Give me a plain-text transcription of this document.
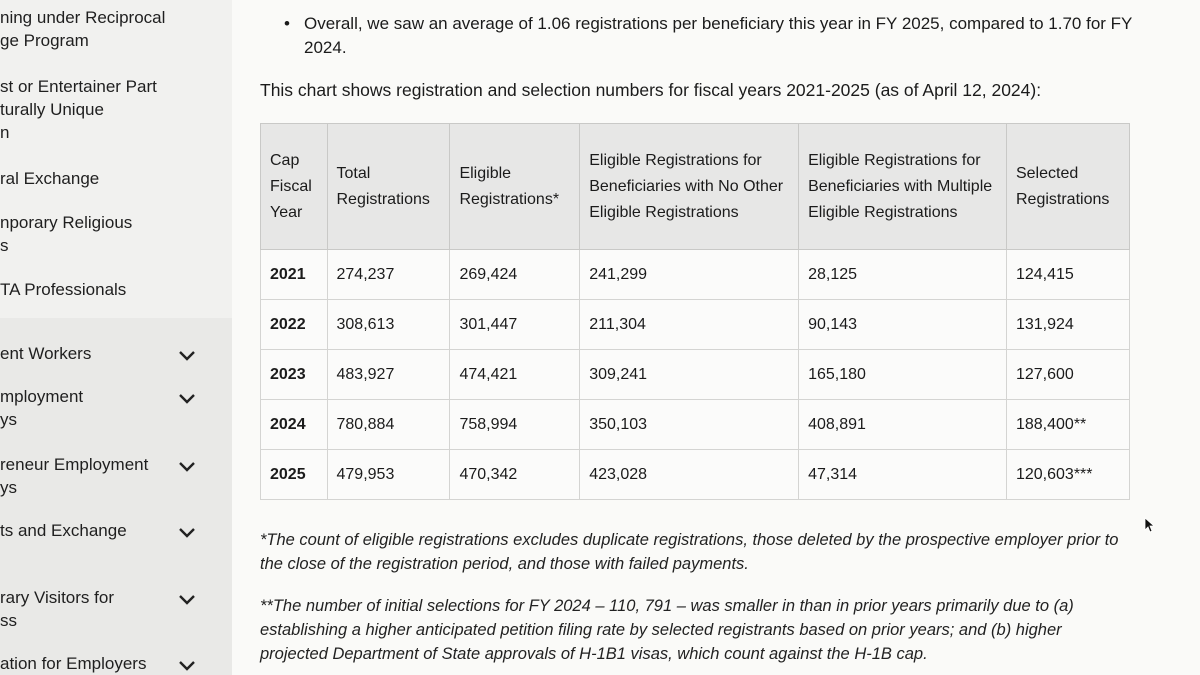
ning under Reciprocal
ge Program
st or Entertainer Part
turally Unique
n
ral Exchange
nporary Religious
s
TA Professionals
ent Workers
mployment
ys
reneur Employment
ys
ts and Exchange
rary Visitors for
ss
ation for Employers
• Overall, we saw an average of 1.06 registrations per beneficiary this year in FY 2025, compared to 1.70 for FY 2024.
This chart shows registration and selection numbers for fiscal years 2021-2025 (as of April 12, 2024):
Cap Fiscal Year	Total Registrations	Eligible Registrations*	Eligible Registrations for Beneficiaries with No Other Eligible Registrations	Eligible Registrations for Beneficiaries with Multiple Eligible Registrations	Selected Registrations
2021	274,237	269,424	241,299	28,125	124,415
2022	308,613	301,447	211,304	90,143	131,924
2023	483,927	474,421	309,241	165,180	127,600
2024	780,884	758,994	350,103	408,891	188,400**
2025	479,953	470,342	423,028	47,314	120,603***
*The count of eligible registrations excludes duplicate registrations, those deleted by the prospective employer prior to the close of the registration period, and those with failed payments.
**The number of initial selections for FY 2024 – 110, 791 – was smaller in than in prior years primarily due to (a) establishing a higher anticipated petition filing rate by selected registrants based on prior years; and (b) higher projected Department of State approvals of H-1B1 visas, which count against the H-1B cap.
